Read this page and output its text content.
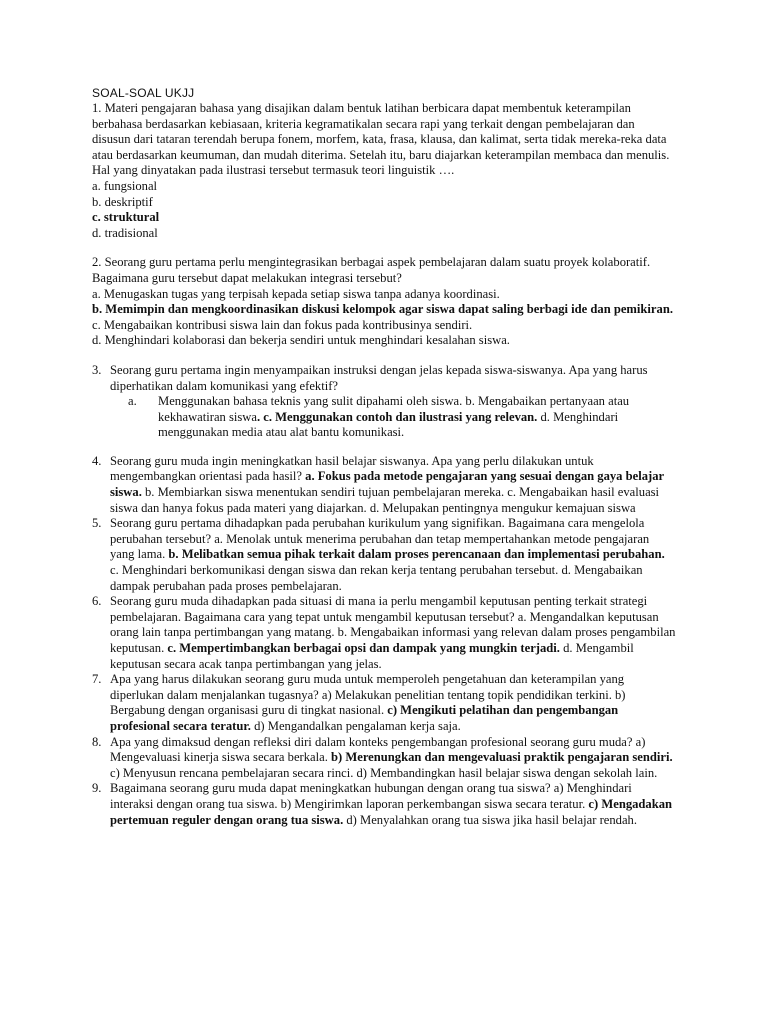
SOAL-SOAL UKJJ

1. Materi pengajaran bahasa yang disajikan dalam bentuk latihan berbicara dapat membentuk keterampilan berbahasa berdasarkan kebiasaan, kriteria kegramatikalan secara rapi yang terkait dengan pembelajaran dan disusun dari tataran terendah berupa fonem, morfem, kata, frasa, klausa, dan kalimat, serta tidak mereka-reka data atau berdasarkan keumuman, dan mudah diterima. Setelah itu, baru diajarkan keterampilan membaca dan menulis. Hal yang dinyatakan pada ilustrasi tersebut termasuk teori linguistik ….

a. fungsional

b. deskriptif

c. struktural

d. tradisional

2. Seorang guru pertama perlu mengintegrasikan berbagai aspek pembelajaran dalam suatu proyek kolaboratif. Bagaimana guru tersebut dapat melakukan integrasi tersebut?

a. Menugaskan tugas yang terpisah kepada setiap siswa tanpa adanya koordinasi.

b. Memimpin dan mengkoordinasikan diskusi kelompok agar siswa dapat saling berbagi ide dan pemikiran.

c. Mengabaikan kontribusi siswa lain dan fokus pada kontribusinya sendiri.

d. Menghindari kolaborasi dan bekerja sendiri untuk menghindari kesalahan siswa.

3. Seorang guru pertama ingin menyampaikan instruksi dengan jelas kepada siswa-siswanya. Apa yang harus diperhatikan dalam komunikasi yang efektif?

a. Menggunakan bahasa teknis yang sulit dipahami oleh siswa. b. Mengabaikan pertanyaan atau kekhawatiran siswa. c. Menggunakan contoh dan ilustrasi yang relevan. d. Menghindari menggunakan media atau alat bantu komunikasi.

4. Seorang guru muda ingin meningkatkan hasil belajar siswanya. Apa yang perlu dilakukan untuk mengembangkan orientasi pada hasil? a. Fokus pada metode pengajaran yang sesuai dengan gaya belajar siswa. b. Membiarkan siswa menentukan sendiri tujuan pembelajaran mereka. c. Mengabaikan hasil evaluasi siswa dan hanya fokus pada materi yang diajarkan. d. Melupakan pentingnya mengukur kemajuan siswa

5. Seorang guru pertama dihadapkan pada perubahan kurikulum yang signifikan. Bagaimana cara mengelola perubahan tersebut? a. Menolak untuk menerima perubahan dan tetap mempertahankan metode pengajaran yang lama. b. Melibatkan semua pihak terkait dalam proses perencanaan dan implementasi perubahan. c. Menghindari berkomunikasi dengan siswa dan rekan kerja tentang perubahan tersebut. d. Mengabaikan dampak perubahan pada proses pembelajaran.

6. Seorang guru muda dihadapkan pada situasi di mana ia perlu mengambil keputusan penting terkait strategi pembelajaran. Bagaimana cara yang tepat untuk mengambil keputusan tersebut? a. Mengandalkan keputusan orang lain tanpa pertimbangan yang matang. b. Mengabaikan informasi yang relevan dalam proses pengambilan keputusan. c. Mempertimbangkan berbagai opsi dan dampak yang mungkin terjadi. d. Mengambil keputusan secara acak tanpa pertimbangan yang jelas.

7. Apa yang harus dilakukan seorang guru muda untuk memperoleh pengetahuan dan keterampilan yang diperlukan dalam menjalankan tugasnya? a) Melakukan penelitian tentang topik pendidikan terkini. b) Bergabung dengan organisasi guru di tingkat nasional. c) Mengikuti pelatihan dan pengembangan profesional secara teratur. d) Mengandalkan pengalaman kerja saja.

8. Apa yang dimaksud dengan refleksi diri dalam konteks pengembangan profesional seorang guru muda? a) Mengevaluasi kinerja siswa secara berkala. b) Merenungkan dan mengevaluasi praktik pengajaran sendiri. c) Menyusun rencana pembelajaran secara rinci. d) Membandingkan hasil belajar siswa dengan sekolah lain.

9. Bagaimana seorang guru muda dapat meningkatkan hubungan dengan orang tua siswa? a) Menghindari interaksi dengan orang tua siswa. b) Mengirimkan laporan perkembangan siswa secara teratur. c) Mengadakan pertemuan reguler dengan orang tua siswa. d) Menyalahkan orang tua siswa jika hasil belajar rendah.
